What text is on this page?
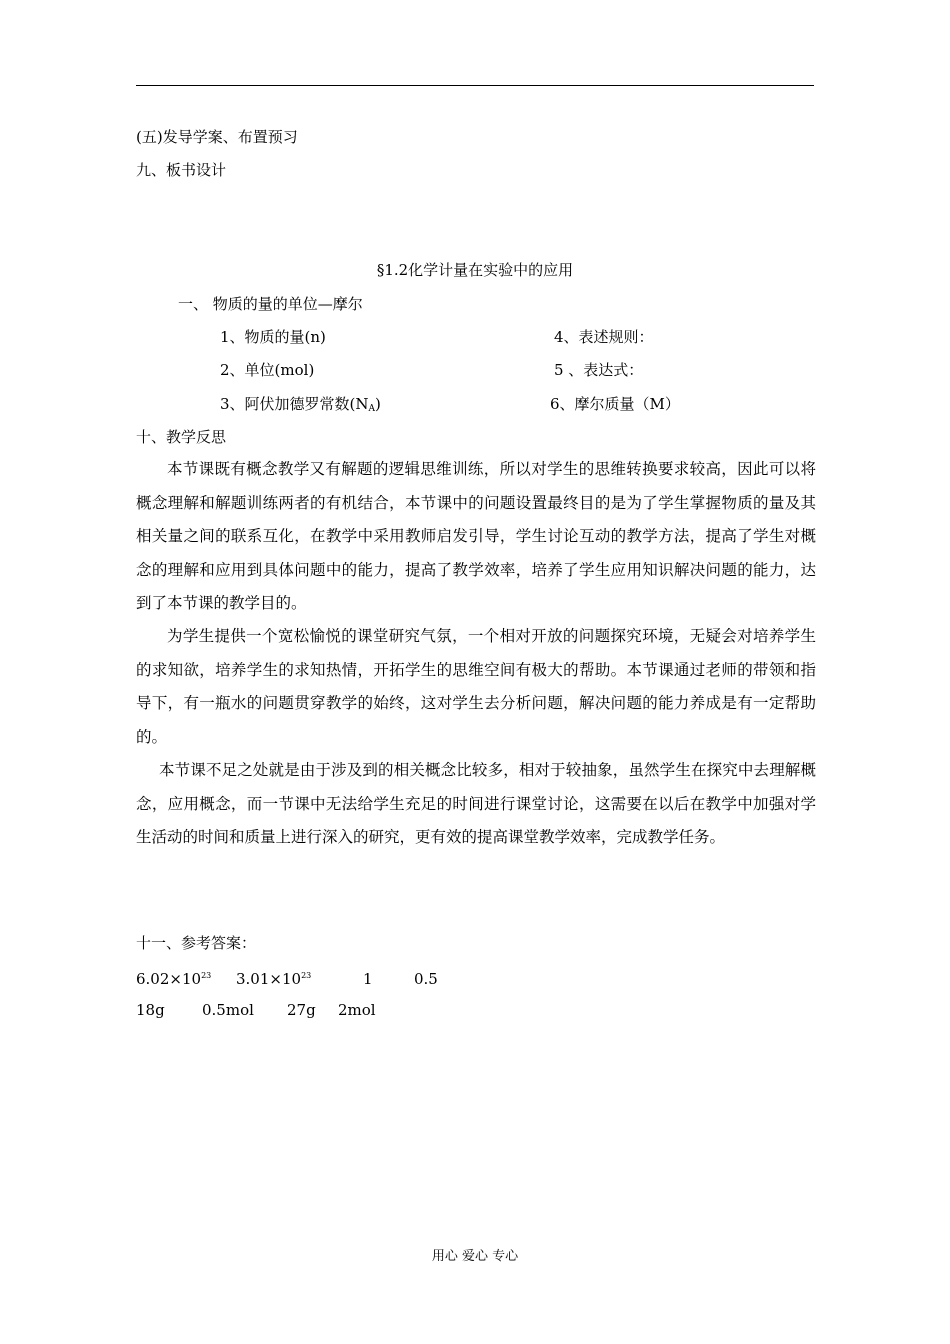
(五)发导学案、布置预习
九、板书设计
§1.2化学计量在实验中的应用
一、 物质的量的单位—摩尔
1、物质的量(n)
2、单位(mol)
3、阿伏加德罗常数$(N_A)$
4、表述规则：
5 、表达式：
6、摩尔质量（M）
十、教学反思

本节课既有概念教学又有解题的逻辑思维训练，所以对学生的思维转换要求较高，因此可以将概念理解和解题训练两者的有机结合，本节课中的问题设置最终目的是为了学生掌握物质的量及其相关量之间的联系互化，在教学中采用教师启发引导，学生讨论互动的教学方法，提高了学生对概念的理解和应用到具体问题中的能力，提高了教学效率，培养了学生应用知识解决问题的能力，达到了本节课的教学目的。

为学生提供一个宽松愉悦的课堂研究气氛，一个相对开放的问题探究环境，无疑会对培养学生的求知欲，培养学生的求知热情，开拓学生的思维空间有极大的帮助。本节课通过老师的带领和指导下，有一瓶水的问题贯穿教学的始终，这对学生去分析问题，解决问题的能力养成是有一定帮助的。

本节课不足之处就是由于涉及到的相关概念比较多，相对于较抽象，虽然学生在探究中去理解概念，应用概念，而一节课中无法给学生充足的时间进行课堂讨论，这需要在以后在教学中加强对学生活动的时间和质量上进行深入的研究，更有效的提高课堂教学效率，完成教学任务。

十一、参考答案：
$6.02\times 10^{23}$ $3.01\times 10^{23}$	1	0.5
18g 0.5mol 27g 2mol
用心 爱心 专心
